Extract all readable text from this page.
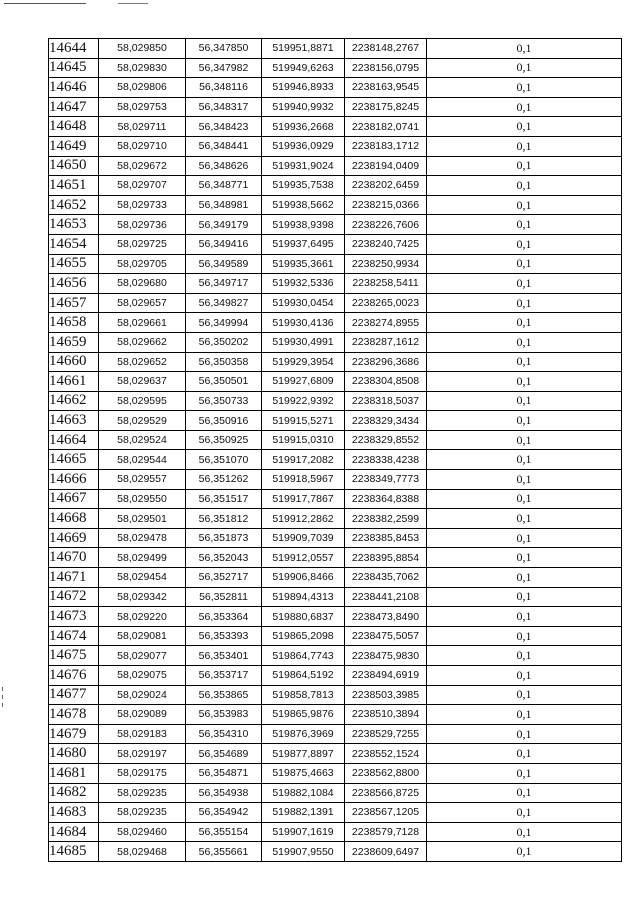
14644	58,029850	56,347850	519951,8871	2238148,2767	0,1
14645	58,029830	56,347982	519949,6263	2238156,0795	0,1
14646	58,029806	56,348116	519946,8933	2238163,9545	0,1
14647	58,029753	56,348317	519940,9932	2238175,8245	0,1
14648	58,029711	56,348423	519936,2668	2238182,0741	0,1
14649	58,029710	56,348441	519936,0929	2238183,1712	0,1
14650	58,029672	56,348626	519931,9024	2238194,0409	0,1
14651	58,029707	56,348771	519935,7538	2238202,6459	0,1
14652	58,029733	56,348981	519938,5662	2238215,0366	0,1
14653	58,029736	56,349179	519938,9398	2238226,7606	0,1
14654	58,029725	56,349416	519937,6495	2238240,7425	0,1
14655	58,029705	56,349589	519935,3661	2238250,9934	0,1
14656	58,029680	56,349717	519932,5336	2238258,5411	0,1
14657	58,029657	56,349827	519930,0454	2238265,0023	0,1
14658	58,029661	56,349994	519930,4136	2238274,8955	0,1
14659	58,029662	56,350202	519930,4991	2238287,1612	0,1
14660	58,029652	56,350358	519929,3954	2238296,3686	0,1
14661	58,029637	56,350501	519927,6809	2238304,8508	0,1
14662	58,029595	56,350733	519922,9392	2238318,5037	0,1
14663	58,029529	56,350916	519915,5271	2238329,3434	0,1
14664	58,029524	56,350925	519915,0310	2238329,8552	0,1
14665	58,029544	56,351070	519917,2082	2238338,4238	0,1
14666	58,029557	56,351262	519918,5967	2238349,7773	0,1
14667	58,029550	56,351517	519917,7867	2238364,8388	0,1
14668	58,029501	56,351812	519912,2862	2238382,2599	0,1
14669	58,029478	56,351873	519909,7039	2238385,8453	0,1
14670	58,029499	56,352043	519912,0557	2238395,8854	0,1
14671	58,029454	56,352717	519906,8466	2238435,7062	0,1
14672	58,029342	56,352811	519894,4313	2238441,2108	0,1
14673	58,029220	56,353364	519880,6837	2238473,8490	0,1
14674	58,029081	56,353393	519865,2098	2238475,5057	0,1
14675	58,029077	56,353401	519864,7743	2238475,9830	0,1
14676	58,029075	56,353717	519864,5192	2238494,6919	0,1
14677	58,029024	56,353865	519858,7813	2238503,3985	0,1
14678	58,029089	56,353983	519865,9876	2238510,3894	0,1
14679	58,029183	56,354310	519876,3969	2238529,7255	0,1
14680	58,029197	56,354689	519877,8897	2238552,1524	0,1
14681	58,029175	56,354871	519875,4663	2238562,8800	0,1
14682	58,029235	56,354938	519882,1084	2238566,8725	0,1
14683	58,029235	56,354942	519882,1391	2238567,1205	0,1
14684	58,029460	56,355154	519907,1619	2238579,7128	0,1
14685	58,029468	56,355661	519907,9550	2238609,6497	0,1
